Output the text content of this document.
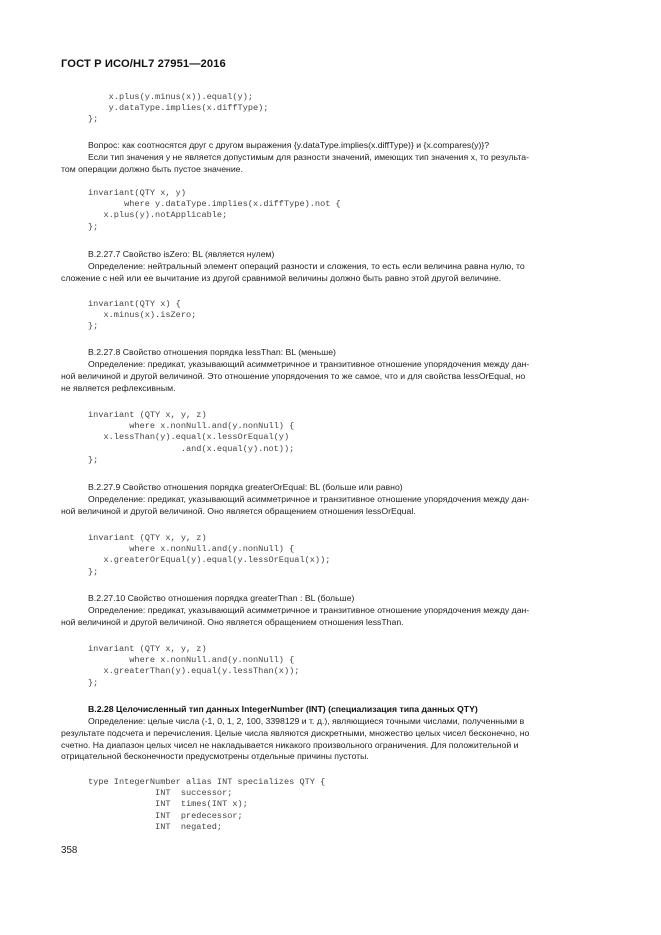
ГОСТ Р ИСО/HL7 27951—2016
x.plus(y.minus(x)).equal(y);
y.dataType.implies(x.diffType);
};

Вопрос: как соотносятся друг с другом выражения {y.dataType.implies(x.diffType)} и {x.compares(y)}?

Если тип значения y не является допустимым для разности значений, имеющих тип значения x, то результа-

том операции должно быть пустое значение.

invariant(QTY x, y)
where y.dataType.implies(x.diffType).not {
x.plus(y).notApplicable;
};
B.2.27.7 Свойство isZero: BL (является нулем)

Определение: нейтральный элемент операций разности и сложения, то есть если величина равна нулю, то

сложение с ней или ее вычитание из другой сравнимой величины должно быть равно этой другой величине.

invariant(QTY x) {
x.minus(x).isZero;
};
B.2.27.8 Свойство отношения порядка lessThan: BL (меньше)

Определение: предикат, указывающий асимметричное и транзитивное отношение упорядочения между дан-

ной величиной и другой величиной. Это отношение упорядочения то же самое, что и для свойства lessOrEqual, но

не является рефлексивным.

invariant (QTY x, y, z)
where x.nonNull.and(y.nonNull) {
x.lessThan(y).equal(x.lessOrEqual(y)
.and(x.equal(y).not));
};
B.2.27.9 Свойство отношения порядка greaterOrEqual: BL (больше или равно)

Определение: предикат, указывающий асимметричное и транзитивное отношение упорядочения между дан-

ной величиной и другой величиной. Оно является обращением отношения lessOrEqual.

invariant (QTY x, y, z)
where x.nonNull.and(y.nonNull) {
x.greaterOrEqual(y).equal(y.lessOrEqual(x));
};
B.2.27.10 Свойство отношения порядка greaterThan : BL (больше)

Определение: предикат, указывающий асимметричное и транзитивное отношение упорядочения между дан-

ной величиной и другой величиной. Оно является обращением отношения lessThan.

invariant (QTY x, y, z)
where x.nonNull.and(y.nonNull) {
x.greaterThan(y).equal(y.lessThan(x));
};
B.2.28 Целочисленный тип данных IntegerNumber (INT) (специализация типа данных QTY)

Определение: целые числа (-1, 0, 1, 2, 100, 3398129 и т. д.), являющиеся точными числами, полученными в

результате подсчета и перечисления. Целые числа являются дискретными, множество целых чисел бесконечно, но

счетно. На диапазон целых чисел не накладывается никакого произвольного ограничения. Для положительной и

отрицательной бесконечности предусмотрены отдельные причины пустоты.

type IntegerNumber alias INT specializes QTY {
INT  successor;
INT  times(INT x);
INT  predecessor;
INT  negated;
358
